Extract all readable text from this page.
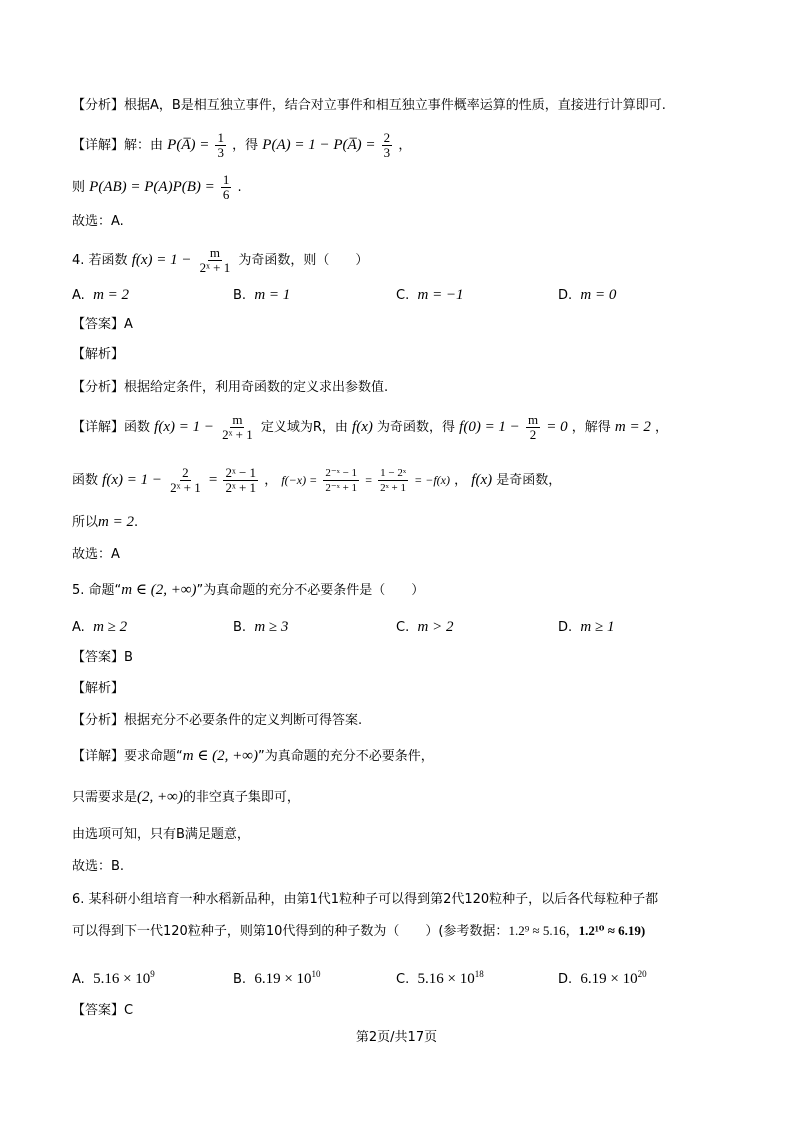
【分析】根据A，B是相互独立事件，结合对立事件和相互独立事件概率运算的性质，直接进行计算即可.
【详解】解：由 P(A̅) = $\frac{1}{3}$ ，得 P(A) = 1 − P(A̅) = $\frac{2}{3}$ ，
则 $P(AB) = P(A)P(B) = \frac{1}{6}$ .
故选：A.
4. 若函数 $f(x) = 1 - \frac{m}{\text{2ˣ + 1}}$ 为奇函数，则（　　）
A. m = 2	B. m = 1	C. m = −1	D. m = 0
【答案】A
【解析】
【分析】根据给定条件，利用奇函数的定义求出参数值.
【详解】函数 $f(x) = 1 - \frac{m}{\text{2ˣ + 1}}$ 定义域为R，由 f(x) 为奇函数，得 $f(0) = 1 - \frac{m}{2} = 0$ ，解得 m = 2 ，
函数 $f(x) = 1 - \frac{2}{\text{2ˣ + 1}} = \frac{\text{2ˣ − 1}}{\text{2ˣ + 1}}$ ， $f(-x) = \frac{\text{2⁻ˣ − 1}}{\text{2⁻ˣ + 1}} = \frac{\text{1 − 2ˣ}}{\text{2ˣ + 1}} = -f(x)$ ， f(x) 是奇函数，
所以m = 2.
故选：A
5. 命题“m ∈ (2, +∞)”为真命题的充分不必要条件是（　　）
A. m ≥ 2	B. m ≥ 3	C. m > 2	D. m ≥ 1
【答案】B
【解析】
【分析】根据充分不必要条件的定义判断可得答案.
【详解】要求命题“m ∈ (2, +∞)”为真命题的充分不必要条件，
只需要求是(2, +∞)的非空真子集即可，
由选项可知，只有B满足题意，
故选：B.
6. 某科研小组培育一种水稻新品种，由第1代1粒种子可以得到第2代120粒种子，以后各代每粒种子都
可以得到下一代120粒种子，则第10代得到的种子数为（　　）(参考数据：1.2⁹ ≈ 5.16，1.2¹⁰ ≈ 6.19)
A. $5.16 \times 10^9$	B. $6.19 \times 10^{10}$	C. $5.16 \times 10^{18}$	D. $6.19 \times 10^{20}$
【答案】C
第2页/共17页
